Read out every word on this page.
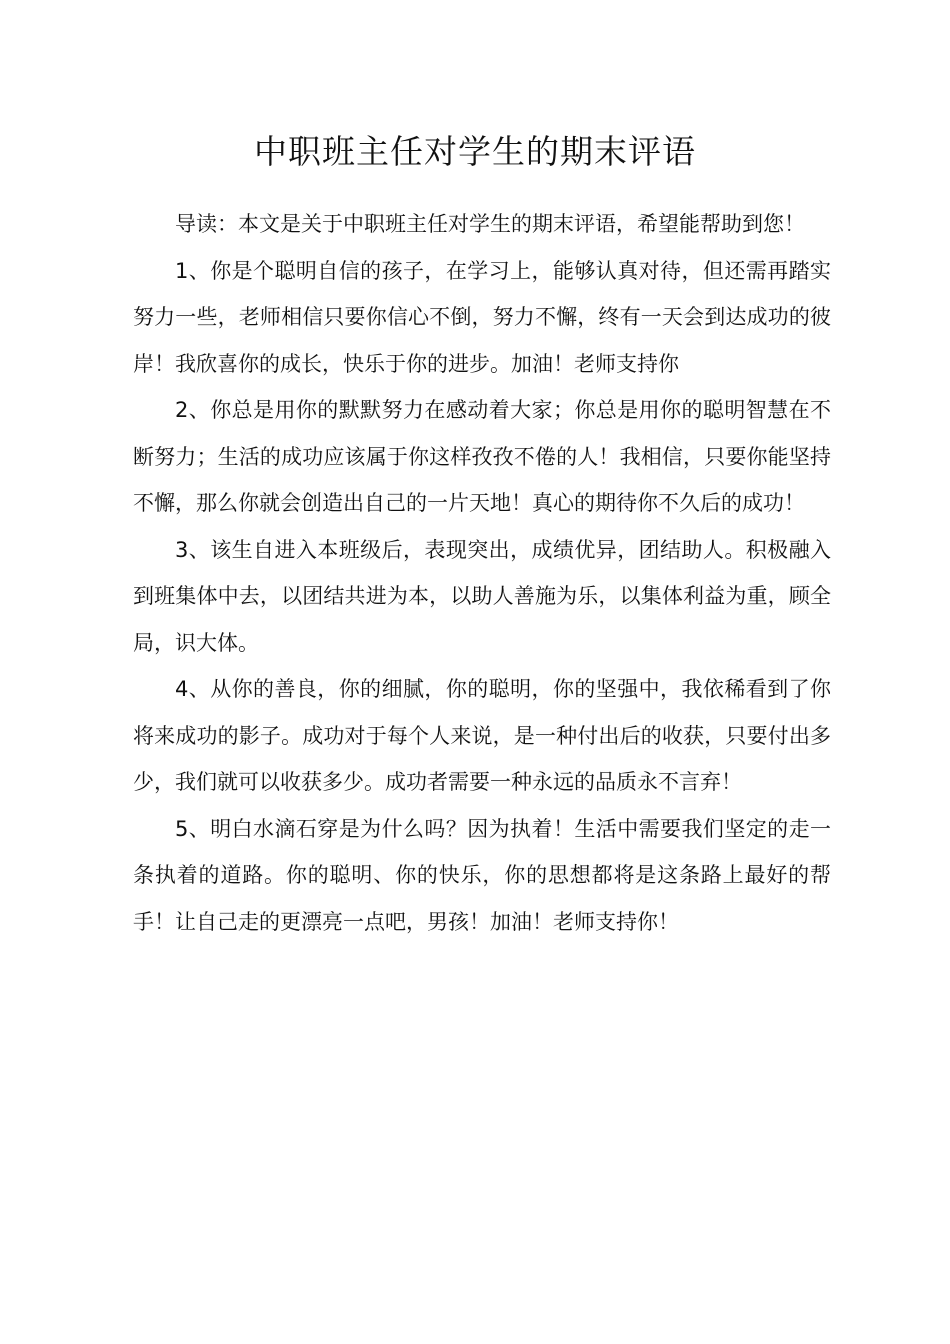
中职班主任对学生的期末评语

导读：本文是关于中职班主任对学生的期末评语，希望能帮助到您！

1、你是个聪明自信的孩子，在学习上，能够认真对待，但还需再踏实努力一些，老师相信只要你信心不倒，努力不懈，终有一天会到达成功的彼岸！我欣喜你的成长，快乐于你的进步。加油！老师支持你

2、你总是用你的默默努力在感动着大家；你总是用你的聪明智慧在不断努力；生活的成功应该属于你这样孜孜不倦的人！我相信，只要你能坚持不懈，那么你就会创造出自己的一片天地！真心的期待你不久后的成功！

3、该生自进入本班级后，表现突出，成绩优异，团结助人。积极融入到班集体中去，以团结共进为本，以助人善施为乐，以集体利益为重，顾全局，识大体。

4、从你的善良，你的细腻，你的聪明，你的坚强中，我依稀看到了你将来成功的影子。成功对于每个人来说，是一种付出后的收获，只要付出多少，我们就可以收获多少。成功者需要一种永远的品质永不言弃！

5、明白水滴石穿是为什么吗？因为执着！生活中需要我们坚定的走一条执着的道路。你的聪明、你的快乐，你的思想都将是这条路上最好的帮手！让自己走的更漂亮一点吧，男孩！加油！老师支持你！
